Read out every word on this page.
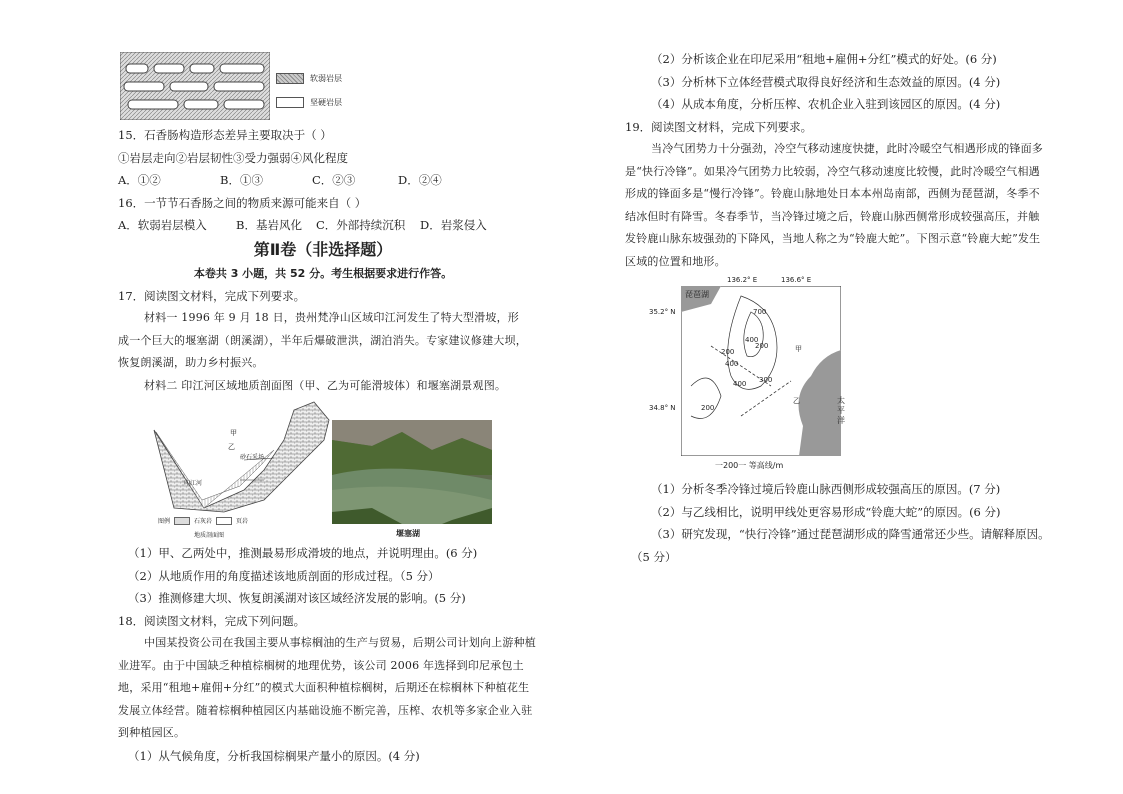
软弱岩层
坚硬岩层

15．石香肠构造形态差异主要取决于（ ）

①岩层走向②岩层韧性③受力强弱④风化程度

A．①②	B．①③	C．②③	D．②④

16．一节节石香肠之间的物质来源可能来自（ ）

A．软弱岩层模入	B．基岩风化 C．外部持续沉积 D．岩浆侵入

第Ⅱ卷（非选择题）
本卷共 3 小题，共 52 分。考生根据要求进行作答。

17．阅读图文材料，完成下列要求。

材料一 1996 年 9 月 18 日，贵州梵净山区域印江河发生了特大型滑坡，形成一个巨大的堰塞湖（朗溪湖），半年后爆破泄洪，湖泊消失。专家建议修建大坝，恢复朗溪湖，助力乡村振兴。

材料二 印江河区域地质剖面图（甲、乙为可能滑坡体）和堰塞湖景观图。

甲
乙
砂石采场
印江河
图例	石灰岩	页岩
地质剖面图	堰塞湖

（1）甲、乙两处中，推测最易形成滑坡的地点，并说明理由。(6 分)

（2）从地质作用的角度描述该地质剖面的形成过程。（5 分）

（3）推测修建大坝、恢复朗溪湖对该区域经济发展的影响。(5 分)

18．阅读图文材料，完成下列问题。

中国某投资公司在我国主要从事棕榈油的生产与贸易，后期公司计划向上游种植业进军。由于中国缺乏种植棕榈树的地理优势，该公司 2006 年选择到印尼承包土地，采用“租地+雇佣+分红”的模式大面积种植棕榈树，后期还在棕榈林下种植花生发展立体经营。随着棕榈种植园区内基础设施不断完善，压榨、农机等多家企业入驻到种植园区。

（1）从气候角度，分析我国棕榈果产量小的原因。(4 分)

（2）分析该企业在印尼采用“租地+雇佣+分红”模式的好处。(6 分)

（3）分析林下立体经营模式取得良好经济和生态效益的原因。(4 分)

（4）从成本角度，分析压榨、农机企业入驻到该园区的原因。(4 分)

19．阅读图文材料，完成下列要求。

当冷气团势力十分强劲，冷空气移动速度快捷，此时冷暖空气相遇形成的锋面多是“快行冷锋”。如果冷气团势力比较弱，冷空气移动速度比较慢，此时冷暖空气相遇形成的锋面多是“慢行冷锋”。铃鹿山脉地处日本本州岛南部，西侧为琵琶湖，冬季不结冰但时有降雪。冬春季节，当冷锋过境之后，铃鹿山脉西侧常形成较强高压，并触发铃鹿山脉东坡强劲的下降风，当地人称之为“铃鹿大蛇”。下图示意“铃鹿大蛇”发生区域的位置和地形。

136.2° E	136.6° E
35.2° N
34.8° N
琵琶湖
太平洋
700
200
400
300
400
200
400
200	甲
乙
一200一 等高线/m

（1）分析冬季冷锋过境后铃鹿山脉西侧形成较强高压的原因。(7 分)

（2）与乙线相比，说明甲线处更容易形成“铃鹿大蛇”的原因。(6 分)

（3）研究发现，“快行冷锋”通过琵琶湖形成的降雪通常还少些。请解释原因。

（5 分）
